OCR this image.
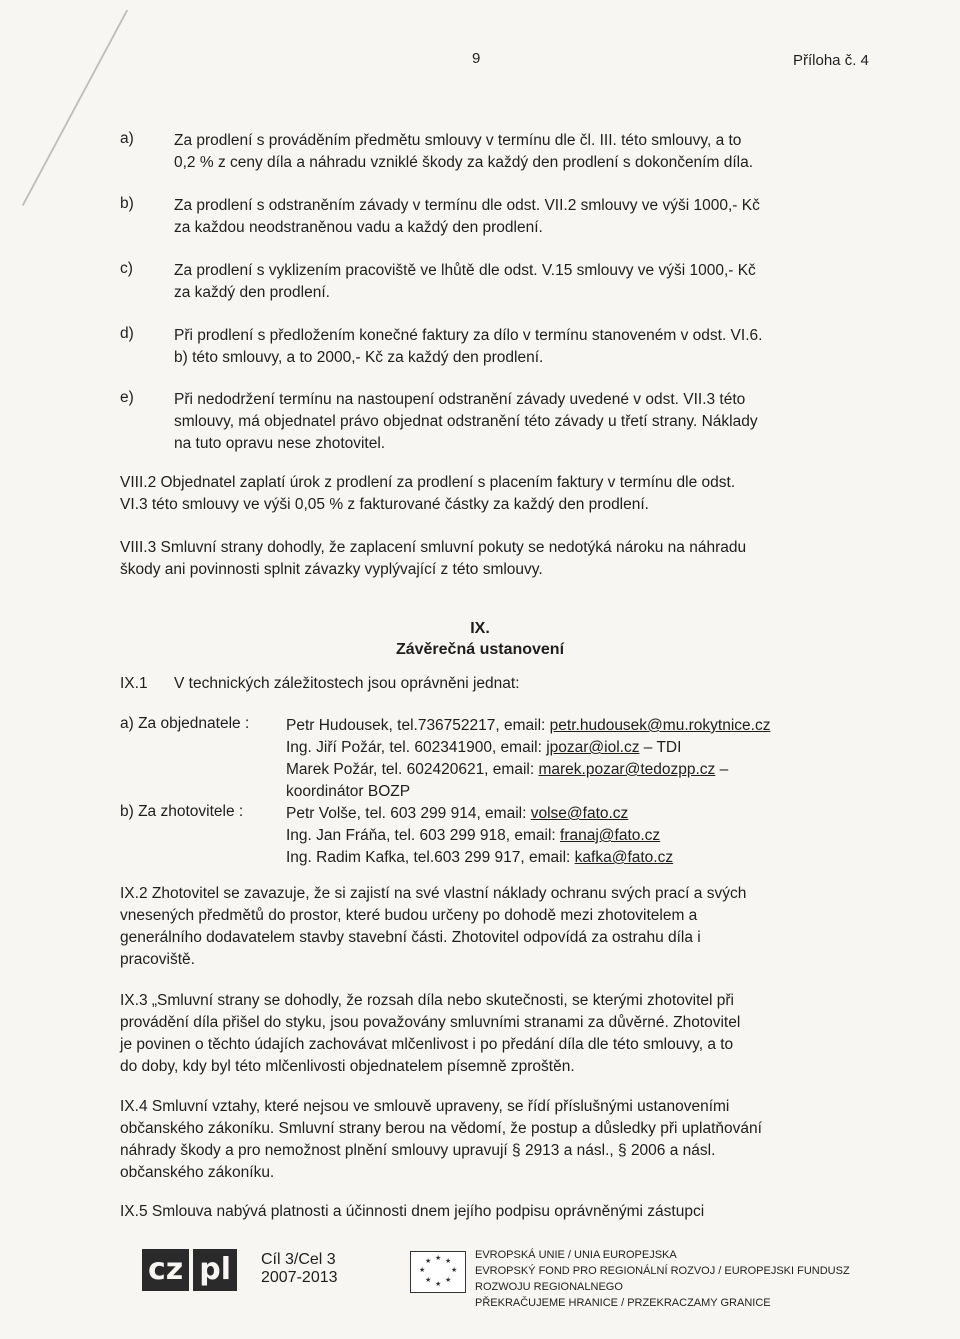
9	Příloha č. 4
a)	Za prodlení s prováděním předmětu smlouvy v termínu dle čl. III. této smlouvy, a to
0,2 % z ceny díla a náhradu vzniklé škody za každý den prodlení s dokončením díla.
b)	Za prodlení s odstraněním závady v termínu dle odst. VII.2 smlouvy ve výši 1000,- Kč
za každou neodstraněnou vadu a každý den prodlení.
c)	Za prodlení s vyklizením pracoviště ve lhůtě dle odst. V.15 smlouvy ve výši 1000,- Kč
za každý den prodlení.
d)	Při prodlení s předložením konečné faktury za dílo v termínu stanoveném v odst. VI.6.
b) této smlouvy, a to 2000,- Kč za každý den prodlení.
e)	Při nedodržení termínu na nastoupení odstranění závady uvedené v odst. VII.3 této
smlouvy, má objednatel právo objednat odstranění této závady u třetí strany. Náklady
na tuto opravu nese zhotovitel.
VIII.2 Objednatel zaplatí úrok z prodlení za prodlení s placením faktury v termínu dle odst.
VI.3 této smlouvy ve výši 0,05 % z fakturované částky za každý den prodlení.
VIII.3 Smluvní strany dohodly, že zaplacení smluvní pokuty se nedotýká nároku na náhradu
škody ani povinnosti splnit závazky vyplývající z této smlouvy.
IX.
Závěrečná ustanovení
IX.1 V technických záležitostech jsou oprávněni jednat:
a) Za objednatele : Petr Hudousek, tel.736752217, email: petr.hudousek@mu.rokytnice.cz
Ing. Jiří Požár, tel. 602341900, email: jpozar@iol.cz – TDI
Marek Požár, tel. 602420621, email: marek.pozar@tedozpp.cz –
koordinátor BOZP
b) Za zhotovitele :	Petr Volše, tel. 603 299 914, email: volse@fato.cz
Ing. Jan Fráňa, tel. 603 299 918, email: franaj@fato.cz
Ing. Radim Kafka, tel.603 299 917, email: kafka@fato.cz
IX.2 Zhotovitel se zavazuje, že si zajistí na své vlastní náklady ochranu svých prací a svých
vnesených předmětů do prostor, které budou určeny po dohodě mezi zhotovitelem a
generálního dodavatelem stavby stavební části. Zhotovitel odpovídá za ostrahu díla i
pracoviště.
IX.3 „Smluvní strany se dohodly, že rozsah díla nebo skutečnosti, se kterými zhotovitel při
provádění díla přišel do styku, jsou považovány smluvními stranami za důvěrné. Zhotovitel
je povinen o těchto údajích zachovávat mlčenlivost i po předání díla dle této smlouvy, a to
do doby, kdy byl této mlčenlivosti objednatelem písemně zproštěn.
IX.4 Smluvní vztahy, které nejsou ve smlouvě upraveny, se řídí příslušnými ustanoveními
občanského zákoníku. Smluvní strany berou na vědomí, že postup a důsledky při uplatňování
náhrady škody a pro nemožnost plnění smlouvy upravují § 2913 a násl., § 2006 a násl.
občanského zákoníku.
IX.5 Smlouva nabývá platnosti a účinnosti dnem jejího podpisu oprávněnými zástupci
cz pl	Cíl 3/Cel 3
2007-2013
★ ★
★
★
★
★
★
★
EVROPSKÁ UNIE / UNIA EUROPEJSKA
EVROPSKÝ FOND PRO REGIONÁLNÍ ROZVOJ / EUROPEJSKI FUNDUSZ ROZWOJU REGIONALNEGO
PŘEKRAČUJEME HRANICE / PRZEKRACZAMY GRANICE
